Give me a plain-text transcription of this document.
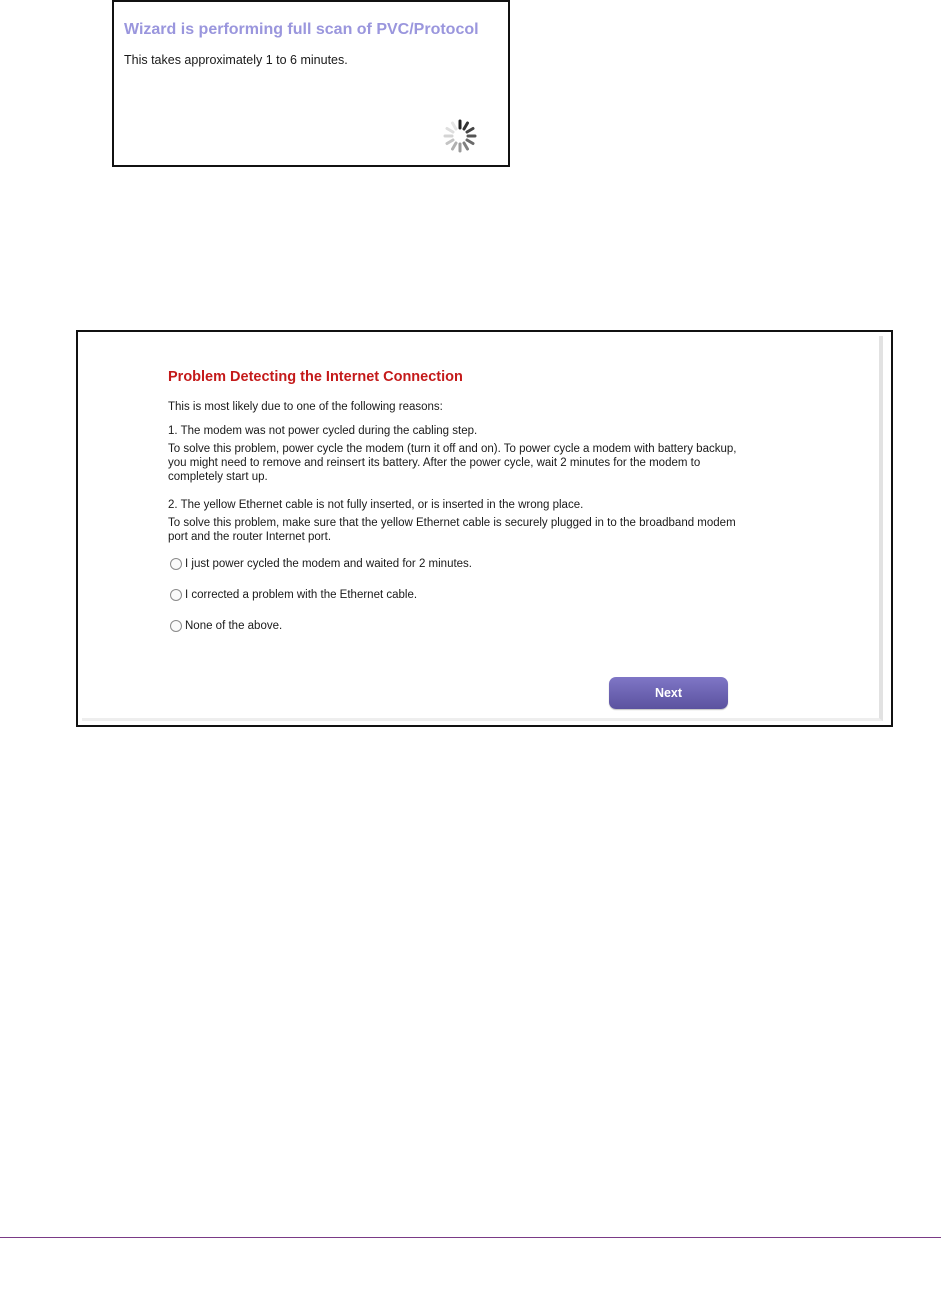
Wizard is performing full scan of PVC/Protocol
This takes approximately 1 to 6 minutes.
Problem Detecting the Internet Connection
This is most likely due to one of the following reasons:
1. The modem was not power cycled during the cabling step.
To solve this problem, power cycle the modem (turn it off and on). To power cycle a modem with battery backup,
you might need to remove and reinsert its battery. After the power cycle, wait 2 minutes for the modem to
completely start up.
2. The yellow Ethernet cable is not fully inserted, or is inserted in the wrong place.
To solve this problem, make sure that the yellow Ethernet cable is securely plugged in to the broadband modem
port and the router Internet port.
I just power cycled the modem and waited for 2 minutes.
I corrected a problem with the Ethernet cable.
None of the above.
Next
